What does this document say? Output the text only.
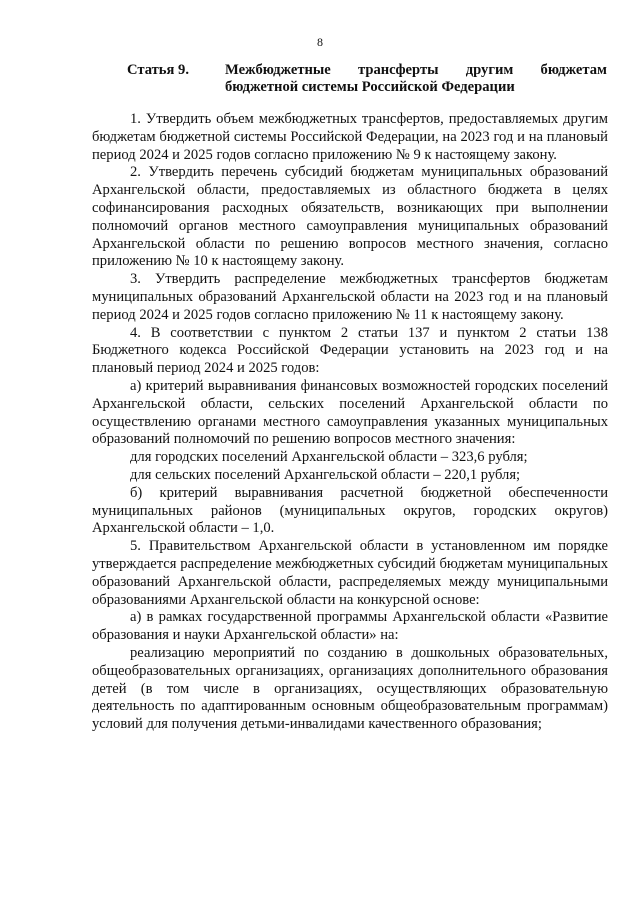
8
Статья 9. Межбюджетные трансферты другим бюджетам
бюджетной системы Российской Федерации

1. Утвердить объем межбюджетных трансфертов, предоставляемых другим бюджетам бюджетной системы Российской Федерации, на 2023 год и на плановый период 2024 и 2025 годов согласно приложению № 9 к настоящему закону.

2. Утвердить перечень субсидий бюджетам муниципальных образований Архангельской области, предоставляемых из областного бюджета в целях софинансирования расходных обязательств, возникающих при выполнении полномочий органов местного самоуправления муниципальных образований Архангельской области по решению вопросов местного значения, согласно приложению № 10 к настоящему закону.

3. Утвердить распределение межбюджетных трансфертов бюджетам муниципальных образований Архангельской области на 2023 год и на плановый период 2024 и 2025 годов согласно приложению № 11 к настоящему закону.

4. В соответствии с пунктом 2 статьи 137 и пунктом 2 статьи 138 Бюджетного кодекса Российской Федерации установить на 2023 год и на плановый период 2024 и 2025 годов:

а) критерий выравнивания финансовых возможностей городских поселений Архангельской области, сельских поселений Архангельской области по осуществлению органами местного самоуправления указанных муниципальных образований полномочий по решению вопросов местного значения:

для городских поселений Архангельской области – 323,6 рубля;

для сельских поселений Архангельской области – 220,1 рубля;

б) критерий выравнивания расчетной бюджетной обеспеченности муниципальных районов (муниципальных округов, городских округов) Архангельской области – 1,0.

5. Правительством Архангельской области в установленном им порядке утверждается распределение межбюджетных субсидий бюджетам муниципальных образований Архангельской области, распределяемых между муниципальными образованиями Архангельской области на конкурсной основе:

а) в рамках государственной программы Архангельской области «Развитие образования и науки Архангельской области» на:

реализацию мероприятий по созданию в дошкольных образовательных, общеобразовательных организациях, организациях дополнительного образования детей (в том числе в организациях, осуществляющих образовательную деятельность по адаптированным основным общеобразовательным программам) условий для получения детьми-инвалидами качественного образования;
